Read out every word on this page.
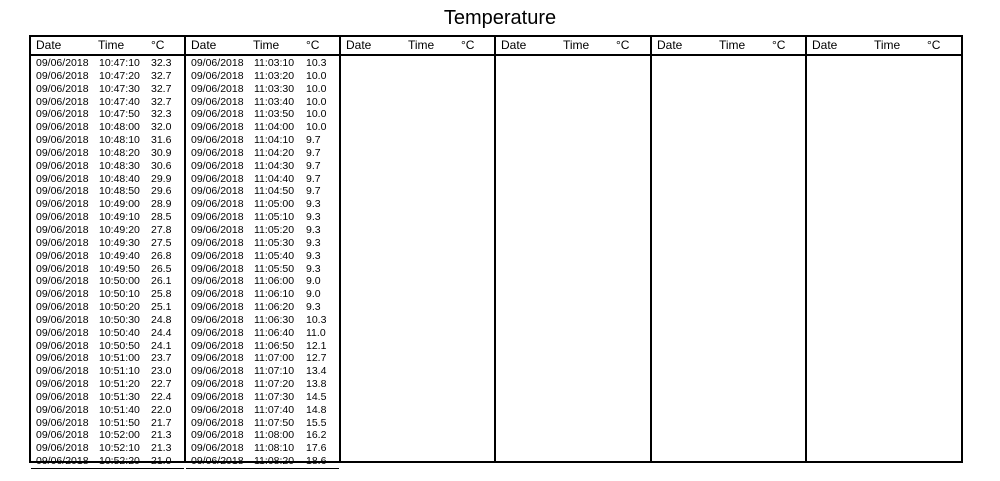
Temperature
Date	Time °C
09/06/2018 10:47:10 32.3
09/06/2018 10:47:20 32.7
09/06/2018 10:47:30 32.7
09/06/2018 10:47:40 32.7
09/06/2018 10:47:50 32.3
09/06/2018 10:48:00 32.0
09/06/2018 10:48:10 31.6
09/06/2018 10:48:20 30.9
09/06/2018 10:48:30 30.6
09/06/2018 10:48:40 29.9
09/06/2018 10:48:50 29.6
09/06/2018 10:49:00 28.9
09/06/2018 10:49:10 28.5
09/06/2018 10:49:20 27.8
09/06/2018 10:49:30 27.5
09/06/2018 10:49:40 26.8
09/06/2018 10:49:50 26.5
09/06/2018 10:50:00 26.1
09/06/2018 10:50:10 25.8
09/06/2018 10:50:20 25.1
09/06/2018 10:50:30 24.8
09/06/2018 10:50:40 24.4
09/06/2018 10:50:50 24.1
09/06/2018 10:51:00 23.7
09/06/2018 10:51:10 23.0
09/06/2018 10:51:20 22.7
09/06/2018 10:51:30 22.4
09/06/2018 10:51:40 22.0
09/06/2018 10:51:50 21.7
09/06/2018 10:52:00 21.3
09/06/2018 10:52:10 21.3
09/06/2018 10:52:20 21.0
Date	Time °C
09/06/2018 11:03:10 10.3
09/06/2018 11:03:20 10.0
09/06/2018 11:03:30 10.0
09/06/2018 11:03:40 10.0
09/06/2018 11:03:50 10.0
09/06/2018 11:04:00 10.0
09/06/2018 11:04:10 9.7
09/06/2018 11:04:20 9.7
09/06/2018 11:04:30 9.7
09/06/2018 11:04:40 9.7
09/06/2018 11:04:50 9.7
09/06/2018 11:05:00 9.3
09/06/2018 11:05:10 9.3
09/06/2018 11:05:20 9.3
09/06/2018 11:05:30 9.3
09/06/2018 11:05:40 9.3
09/06/2018 11:05:50 9.3
09/06/2018 11:06:00 9.0
09/06/2018 11:06:10 9.0
09/06/2018 11:06:20 9.3
09/06/2018 11:06:30 10.3
09/06/2018 11:06:40 11.0
09/06/2018 11:06:50 12.1
09/06/2018 11:07:00 12.7
09/06/2018 11:07:10 13.4
09/06/2018 11:07:20 13.8
09/06/2018 11:07:30 14.5
09/06/2018 11:07:40 14.8
09/06/2018 11:07:50 15.5
09/06/2018 11:08:00 16.2
09/06/2018 11:08:10 17.6
09/06/2018 11:08:20 18.6
Date	Time °C Date	Time °C Date	Time °C Date	Time °C
